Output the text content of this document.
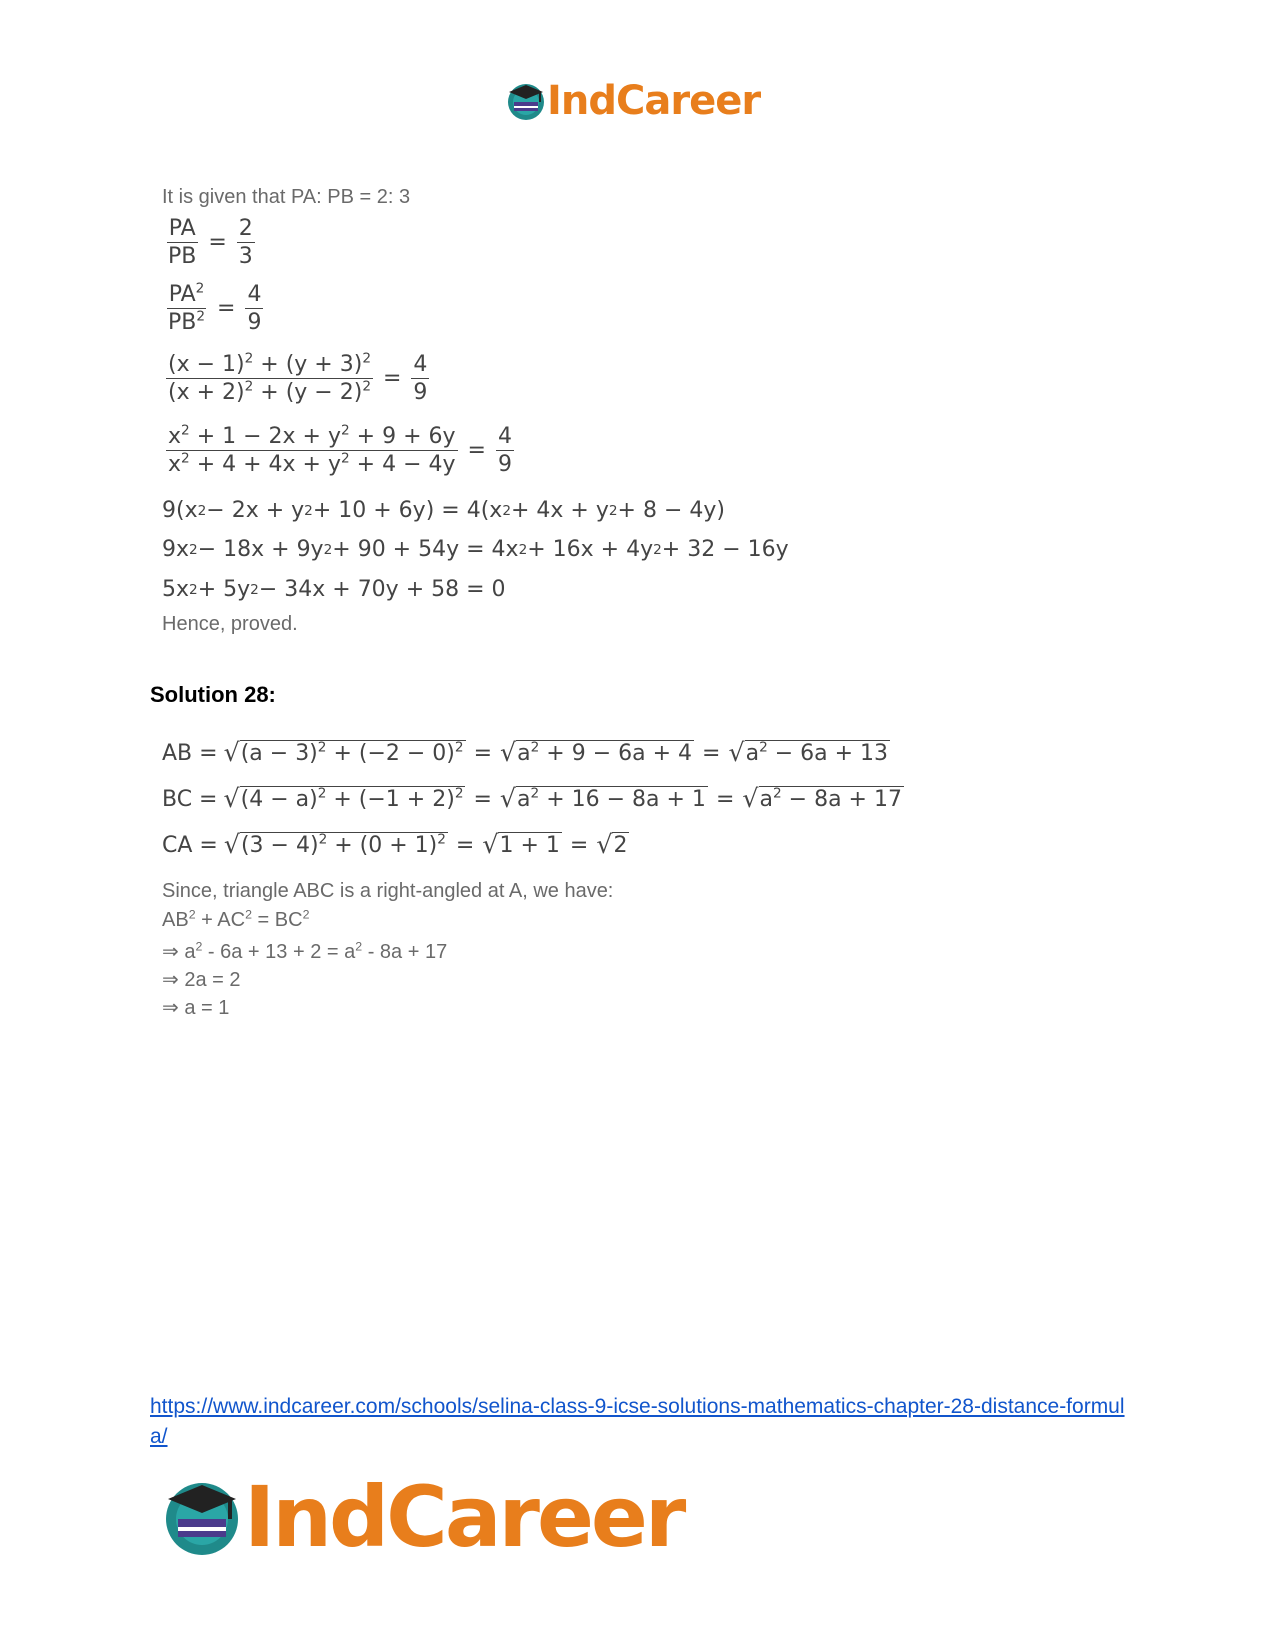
IndCareer
It is given that PA: PB = 2: 3
$\frac{PA}{PB} = \frac{2}{3}$
$\frac{PA^2}{PB^2} = \frac{4}{9}$
$\frac{(x - 1)^2 + (y + 3)^2}{(x + 2)^2 + (y - 2)^2} = \frac{4}{9}$
$\frac{x^2 + 1 - 2x + y^2 + 9 + 6y}{x^2 + 4 + 4x + y^2 + 4 - 4y} = \frac{4}{9}$
9(x 2 − 2x + y 2 + 10 + 6y) = 4(x 2 + 4x + y 2 + 8 − 4y)
9x 2 − 18x + 9y 2 + 90 + 54y = 4x 2 + 16x + 4y 2 + 32 − 16y
5x 2 + 5y 2 − 34x + 70y + 58 = 0
Hence, proved.
Solution 28:
AB = √ $(a - 3)^2 + (-2 - 0)^2$ = √ $a^2 + 9 - 6a + 4$ = √ $a^2 - 6a + 13$
BC = √ $(4 - a)^2 + (-1 + 2)^2$ = √ $a^2 + 16 - 8a + 1$ = √ $a^2 - 8a + 17$
CA = √ $(3 - 4)^2 + (0 + 1)^2$ = √ 1 + 1 = √ 2
Since, triangle ABC is a right-angled at A, we have:
$AB^2 + AC^2 = BC^2$
⇒ $a^2 - 6a + 13 + 2 = a^2 - 8a + 17$
⇒ 2a = 2
⇒ a = 1
https://www.indcareer.com/schools/selina-class-9-icse-solutions-mathematics-chapter-28-distance-formula/
IndCareer
